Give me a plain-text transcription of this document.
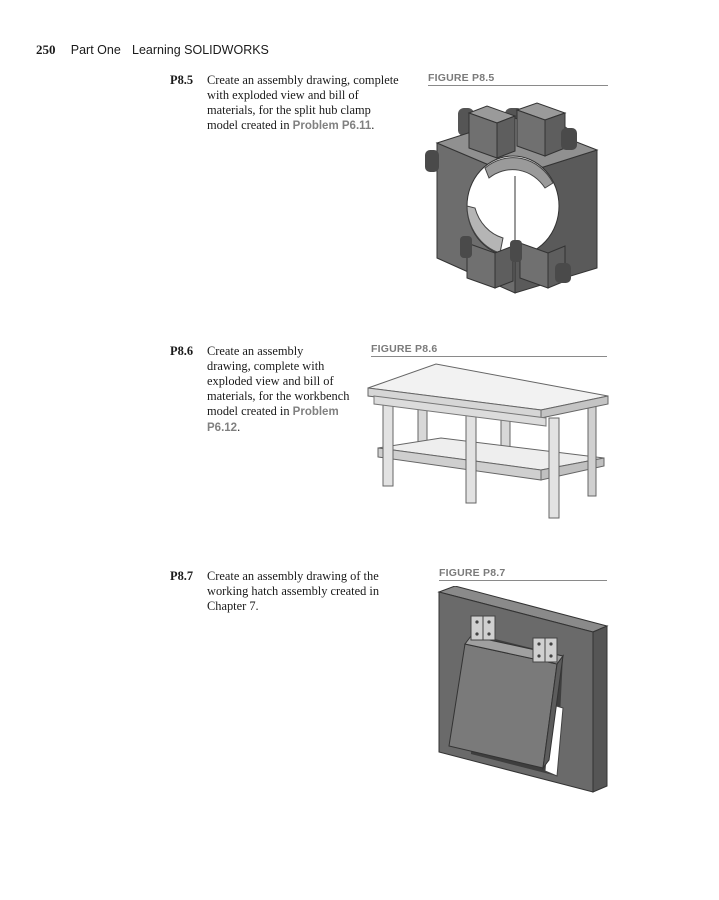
250 Part One Learning SOLIDWORKS
P8.5 Create an assembly drawing, complete
with exploded view and bill of
materials, for the split hub clamp
model created in Problem P6.11.
FIGURE P8.5
P8.6 Create an assembly
drawing, complete with
exploded view and bill of
materials, for the workbench
model created in Problem
P6.12.
FIGURE P8.6
P8.7 Create an assembly drawing of the
working hatch assembly created in
Chapter 7.
FIGURE P8.7
